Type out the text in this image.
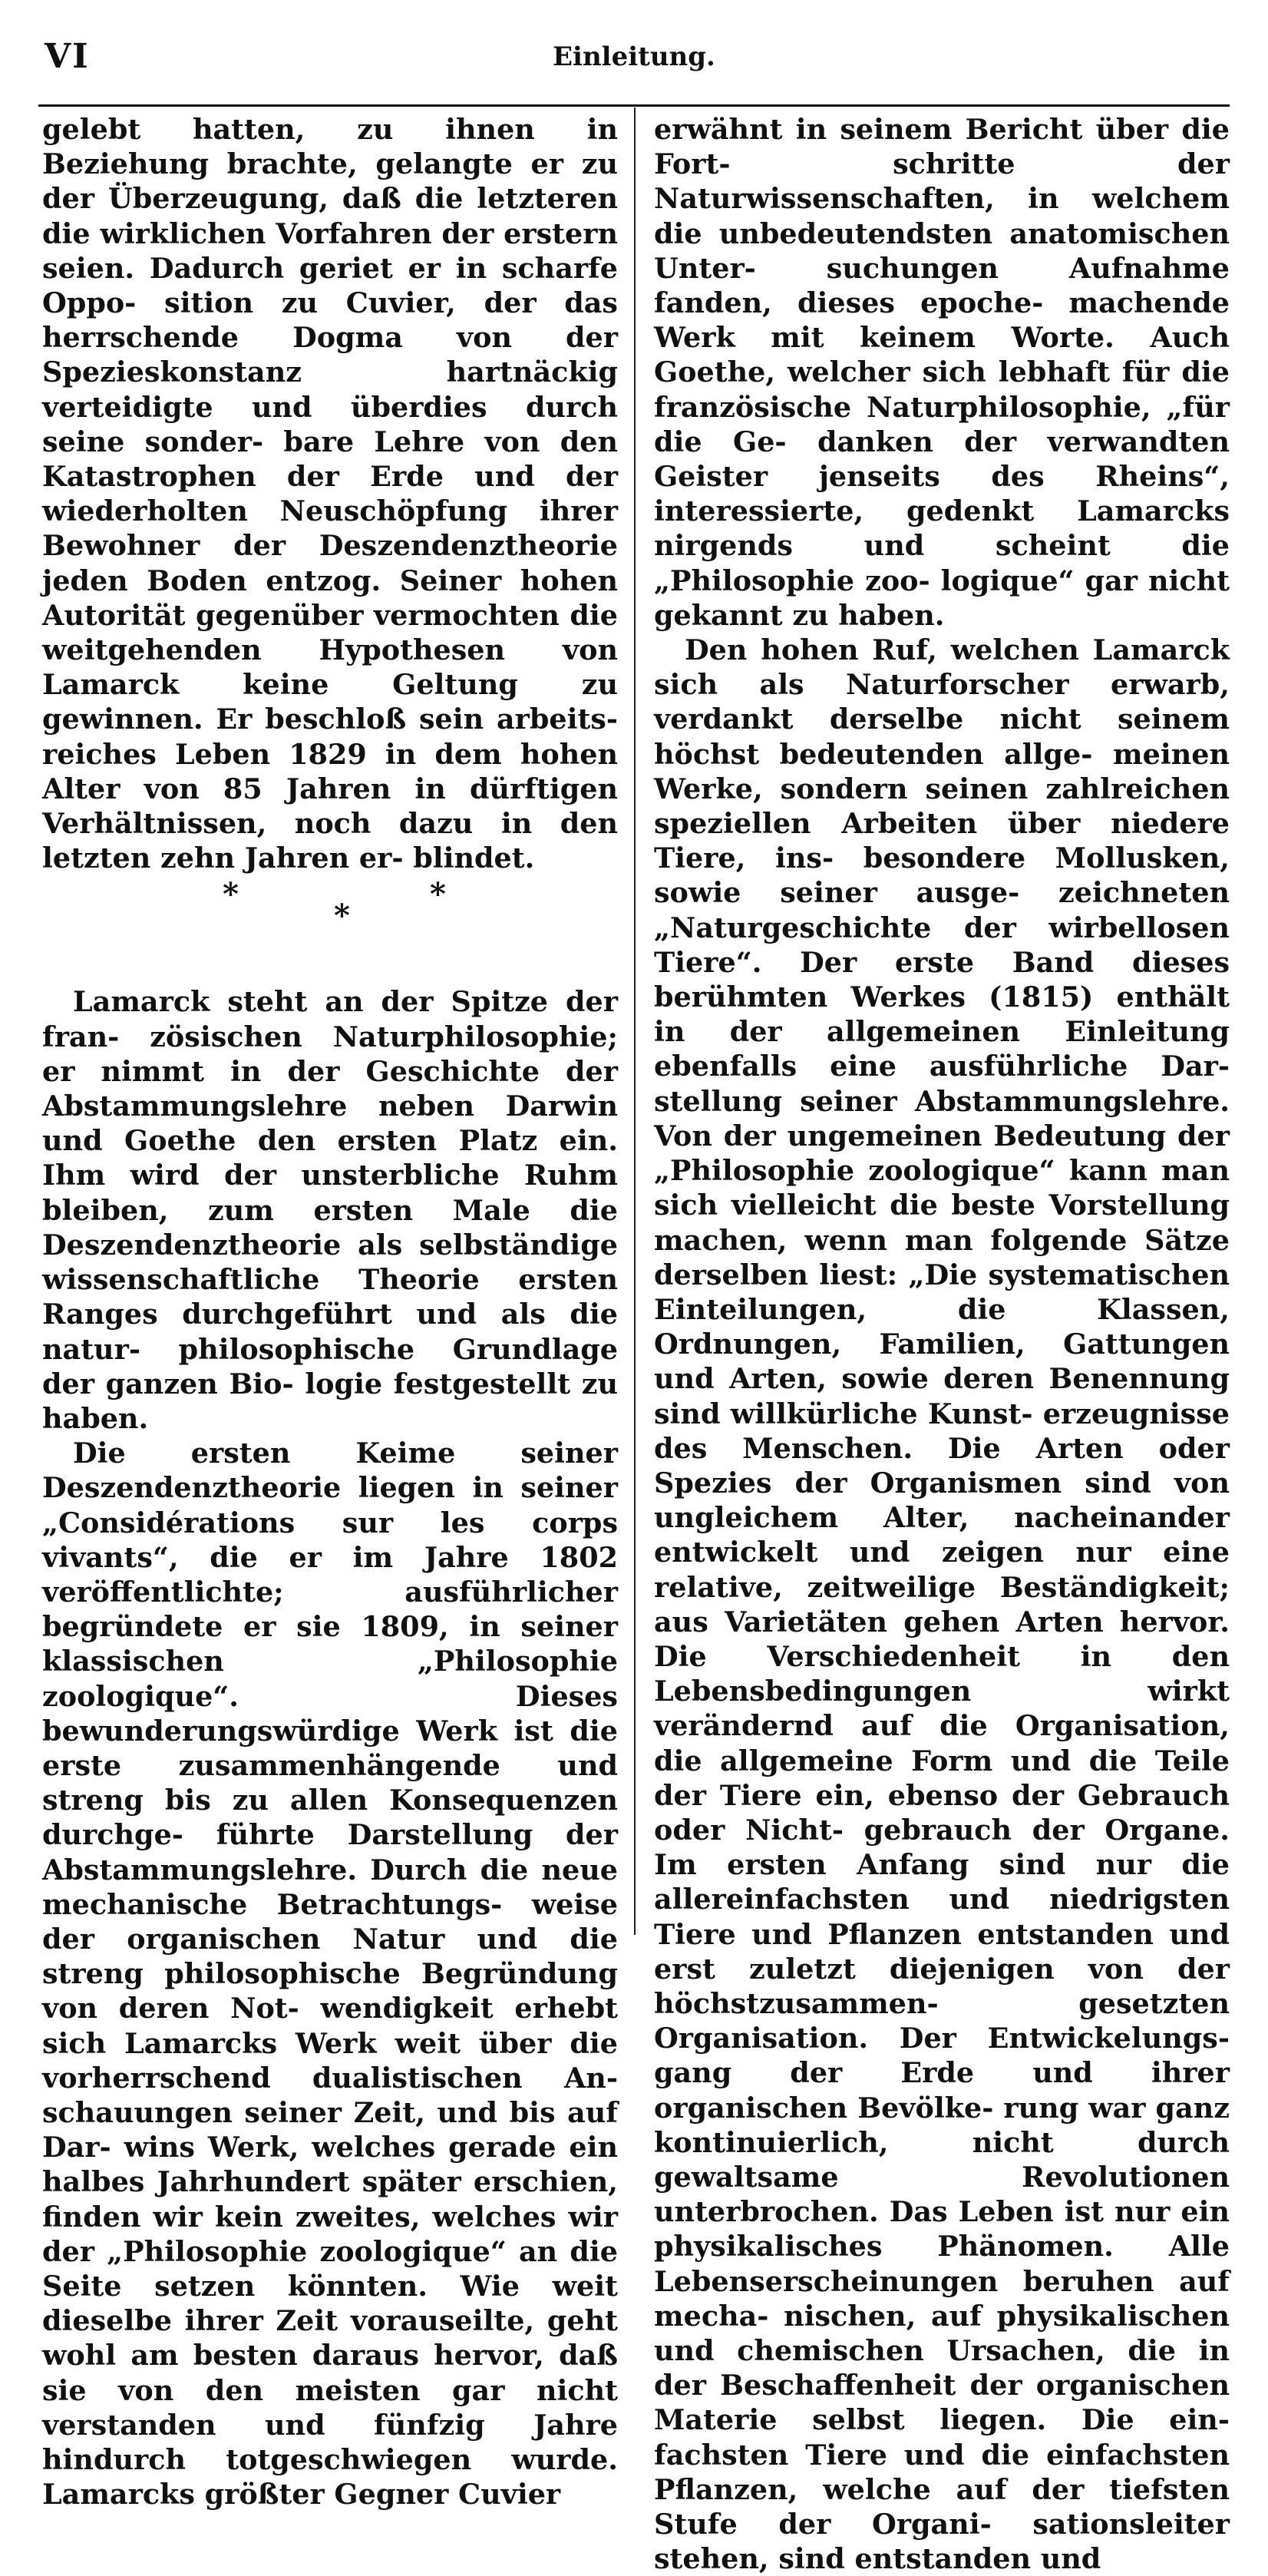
VI	Einleitung.

gelebt hatten, zu ihnen in Beziehung brachte, gelangte er zu der Überzeugung, daß die letzteren die wirklichen Vorfahren der erstern seien. Dadurch geriet er in scharfe Oppo- sition zu Cuvier, der das herrschende Dogma von der Spezieskonstanz hartnäckig verteidigte und überdies durch seine sonder- bare Lehre von den Katastrophen der Erde und der wiederholten Neuschöpfung ihrer Bewohner der Deszendenztheorie jeden Boden entzog. Seiner hohen Autorität gegenüber vermochten die weitgehenden Hypothesen von Lamarck keine Geltung zu gewinnen. Er beschloß sein arbeits- reiches Leben 1829 in dem hohen Alter von 85 Jahren in dürftigen Verhältnissen, noch dazu in den letzten zehn Jahren er- blindet.

*
*
*

Lamarck steht an der Spitze der fran- zösischen Naturphilosophie; er nimmt in der Geschichte der Abstammungslehre neben Darwin und Goethe den ersten Platz ein. Ihm wird der unsterbliche Ruhm bleiben, zum ersten Male die Deszendenztheorie als selbständige wissenschaftliche Theorie ersten Ranges durchgeführt und als die natur- philosophische Grundlage der ganzen Bio- logie festgestellt zu haben.

Die ersten Keime seiner Deszendenztheorie liegen in seiner „Considérations sur les corps vivants“, die er im Jahre 1802 veröffentlichte; ausführlicher begründete er sie 1809, in seiner klassischen „Philosophie zoologique“. Dieses bewunderungswürdige Werk ist die erste zusammenhängende und streng bis zu allen Konsequenzen durchge- führte Darstellung der Abstammungslehre. Durch die neue mechanische Betrachtungs- weise der organischen Natur und die streng philosophische Begründung von deren Not- wendigkeit erhebt sich Lamarcks Werk weit über die vorherrschend dualistischen An- schauungen seiner Zeit, und bis auf Dar- wins Werk, welches gerade ein halbes Jahrhundert später erschien, finden wir kein zweites, welches wir der „Philosophie zoologique“ an die Seite setzen könnten. Wie weit dieselbe ihrer Zeit vorauseilte, geht wohl am besten daraus hervor, daß sie von den meisten gar nicht verstanden und fünfzig Jahre hindurch totgeschwiegen wurde. Lamarcks größter Gegner Cuvier

erwähnt in seinem Bericht über die Fort- schritte der Naturwissenschaften, in welchem die unbedeutendsten anatomischen Unter- suchungen Aufnahme fanden, dieses epoche- machende Werk mit keinem Worte. Auch Goethe, welcher sich lebhaft für die französische Naturphilosophie, „für die Ge- danken der verwandten Geister jenseits des Rheins“, interessierte, gedenkt Lamarcks nirgends und scheint die „Philosophie zoo- logique“ gar nicht gekannt zu haben.

Den hohen Ruf, welchen Lamarck sich als Naturforscher erwarb, verdankt derselbe nicht seinem höchst bedeutenden allge- meinen Werke, sondern seinen zahlreichen speziellen Arbeiten über niedere Tiere, ins- besondere Mollusken, sowie seiner ausge- zeichneten „Naturgeschichte der wirbellosen Tiere“. Der erste Band dieses berühmten Werkes (1815) enthält in der allgemeinen Einleitung ebenfalls eine ausführliche Dar- stellung seiner Abstammungslehre. Von der ungemeinen Bedeutung der „Philosophie zoologique“ kann man sich vielleicht die beste Vorstellung machen, wenn man folgende Sätze derselben liest: „Die systematischen Einteilungen, die Klassen, Ordnungen, Familien, Gattungen und Arten, sowie deren Benennung sind willkürliche Kunst- erzeugnisse des Menschen. Die Arten oder Spezies der Organismen sind von ungleichem Alter, nacheinander entwickelt und zeigen nur eine relative, zeitweilige Beständigkeit; aus Varietäten gehen Arten hervor. Die Verschiedenheit in den Lebensbedingungen wirkt verändernd auf die Organisation, die allgemeine Form und die Teile der Tiere ein, ebenso der Gebrauch oder Nicht- gebrauch der Organe. Im ersten Anfang sind nur die allereinfachsten und niedrigsten Tiere und Pflanzen entstanden und erst zuletzt diejenigen von der höchstzusammen- gesetzten Organisation. Der Entwickelungs- gang der Erde und ihrer organischen Bevölke- rung war ganz kontinuierlich, nicht durch gewaltsame Revolutionen unterbrochen. Das Leben ist nur ein physikalisches Phänomen. Alle Lebenserscheinungen beruhen auf mecha- nischen, auf physikalischen und chemischen Ursachen, die in der Beschaffenheit der organischen Materie selbst liegen. Die ein- fachsten Tiere und die einfachsten Pflanzen, welche auf der tiefsten Stufe der Organi- sationsleiter stehen, sind entstanden und
